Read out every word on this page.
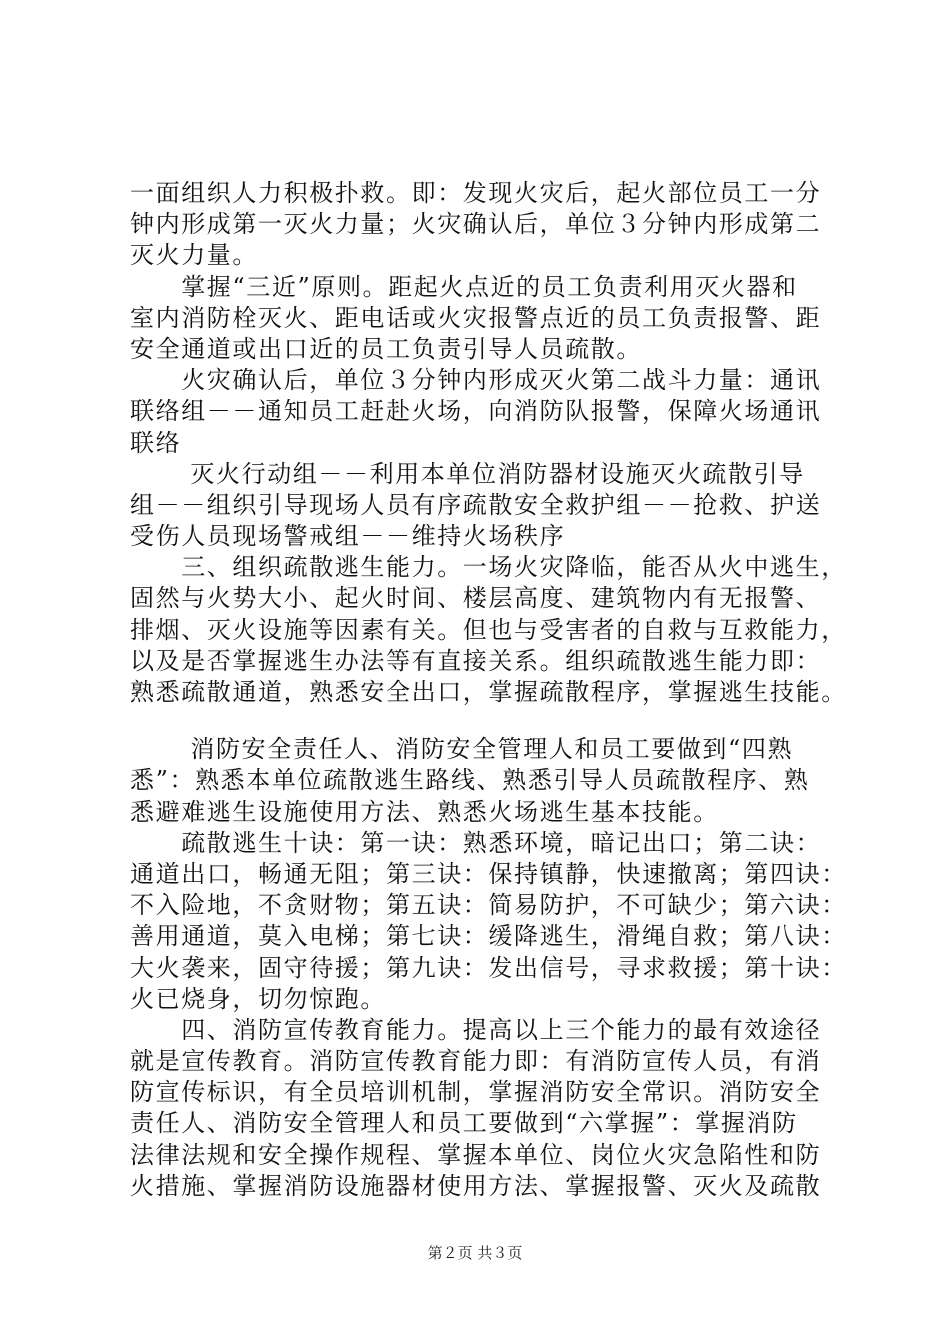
一面组织人力积极扑救。即：发现火灾后，起火部位员工一分
钟内形成第一灭火力量；火灾确认后，单位３分钟内形成第二
灭火力量。
　　掌握“三近”原则。距起火点近的员工负责利用灭火器和
室内消防栓灭火、距电话或火灾报警点近的员工负责报警、距
安全通道或出口近的员工负责引导人员疏散。
　　火灾确认后，单位３分钟内形成灭火第二战斗力量：通讯
联络组－－通知员工赶赴火场，向消防队报警，保障火场通讯
联络
　　 灭火行动组－－利用本单位消防器材设施灭火疏散引导
组－－组织引导现场人员有序疏散安全救护组－－抢救、护送
受伤人员现场警戒组－－维持火场秩序
　　三、组织疏散逃生能力。一场火灾降临，能否从火中逃生，
固然与火势大小、起火时间、楼层高度、建筑物内有无报警、
排烟、灭火设施等因素有关。但也与受害者的自救与互救能力，
以及是否掌握逃生办法等有直接关系。组织疏散逃生能力即：
熟悉疏散通道，熟悉安全出口，掌握疏散程序，掌握逃生技能。
　　 消防安全责任人、消防安全管理人和员工要做到“四熟
悉”：熟悉本单位疏散逃生路线、熟悉引导人员疏散程序、熟
悉避难逃生设施使用方法、熟悉火场逃生基本技能。
　　疏散逃生十诀：第一诀：熟悉环境，暗记出口；第二诀：
通道出口，畅通无阻；第三诀：保持镇静，快速撤离；第四诀：
不入险地，不贪财物；第五诀：简易防护，不可缺少；第六诀：
善用通道，莫入电梯；第七诀：缓降逃生，滑绳自救；第八诀：
大火袭来，固守待援；第九诀：发出信号，寻求救援；第十诀：
火已烧身，切勿惊跑。
　　四、消防宣传教育能力。提高以上三个能力的最有效途径
就是宣传教育。消防宣传教育能力即：有消防宣传人员，有消
防宣传标识，有全员培训机制，掌握消防安全常识。消防安全
责任人、消防安全管理人和员工要做到“六掌握”：掌握消防
法律法规和安全操作规程、掌握本单位、岗位火灾急陷性和防
火措施、掌握消防设施器材使用方法、掌握报警、灭火及疏散
第２页 共３页
